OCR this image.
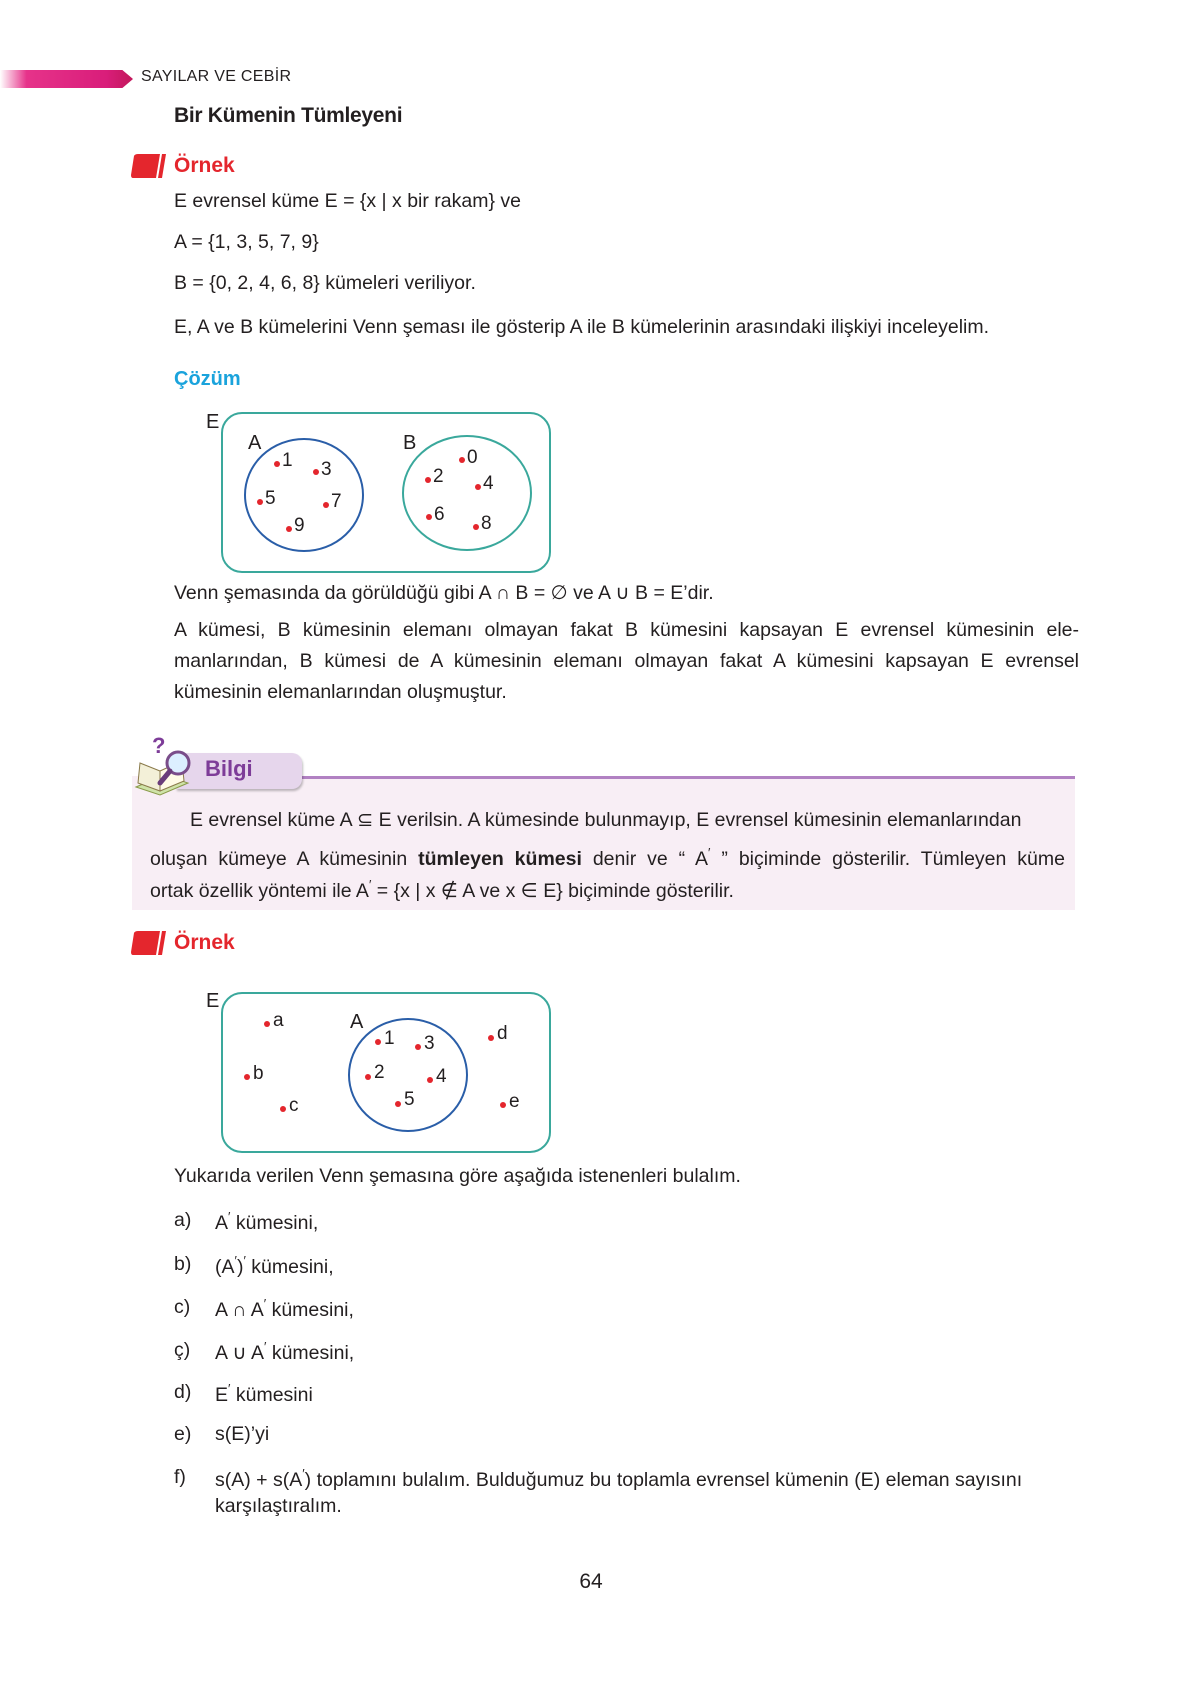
SAYILAR VE CEBİR
Bir Kümenin Tümleyeni
Örnek
E evrensel küme E = {x | x bir rakam} ve
A = {1, 3, 5, 7, 9}
B = {0, 2, 4, 6, 8} kümeleri veriliyor.
E, A ve B kümelerini Venn şeması ile gösterip A ile B kümelerinin arasındaki ilişkiyi inceleyelim.
Çözüm
E
A	B
1 3
5	7
9
0
2 4
6 8
Venn şemasında da görüldüğü gibi A ∩ B = ∅ ve A ∪ B = E’dir.
A kümesi, B kümesinin elemanı olmayan fakat B kümesini kapsayan E evrensel kümesinin ele-
manlarından, B kümesi de A kümesinin elemanı olmayan fakat A kümesini kapsayan E evrensel
kümesinin elemanlarından oluşmuştur.
?
Bilgi
E evrensel küme A ⊆ E verilsin. A kümesinde bulunmayıp, E evrensel kümesinin elemanlarından
oluşan kümeye A kümesinin tümleyen kümesi denir ve “ A′ ” biçiminde gösterilir. Tümleyen küme
ortak özellik yöntemi ile A′ = {x | x ∉ A ve x ∈ E} biçiminde gösterilir.
Örnek
E
A
a
b
c
d
e
1
2
3
4
5
Yukarıda verilen Venn şemasına göre aşağıda istenenleri bulalım.
a) A′ kümesini,
b) (A′)′ kümesini,
c) A ∩ A′ kümesini,
ç) A ∪ A′ kümesini,
d) E′ kümesini
e) s(E)’yi
f) s(A) + s(A′) toplamını bulalım. Bulduğumuz bu toplamla evrensel kümenin (E) eleman sayısını
karşılaştıralım.
64
